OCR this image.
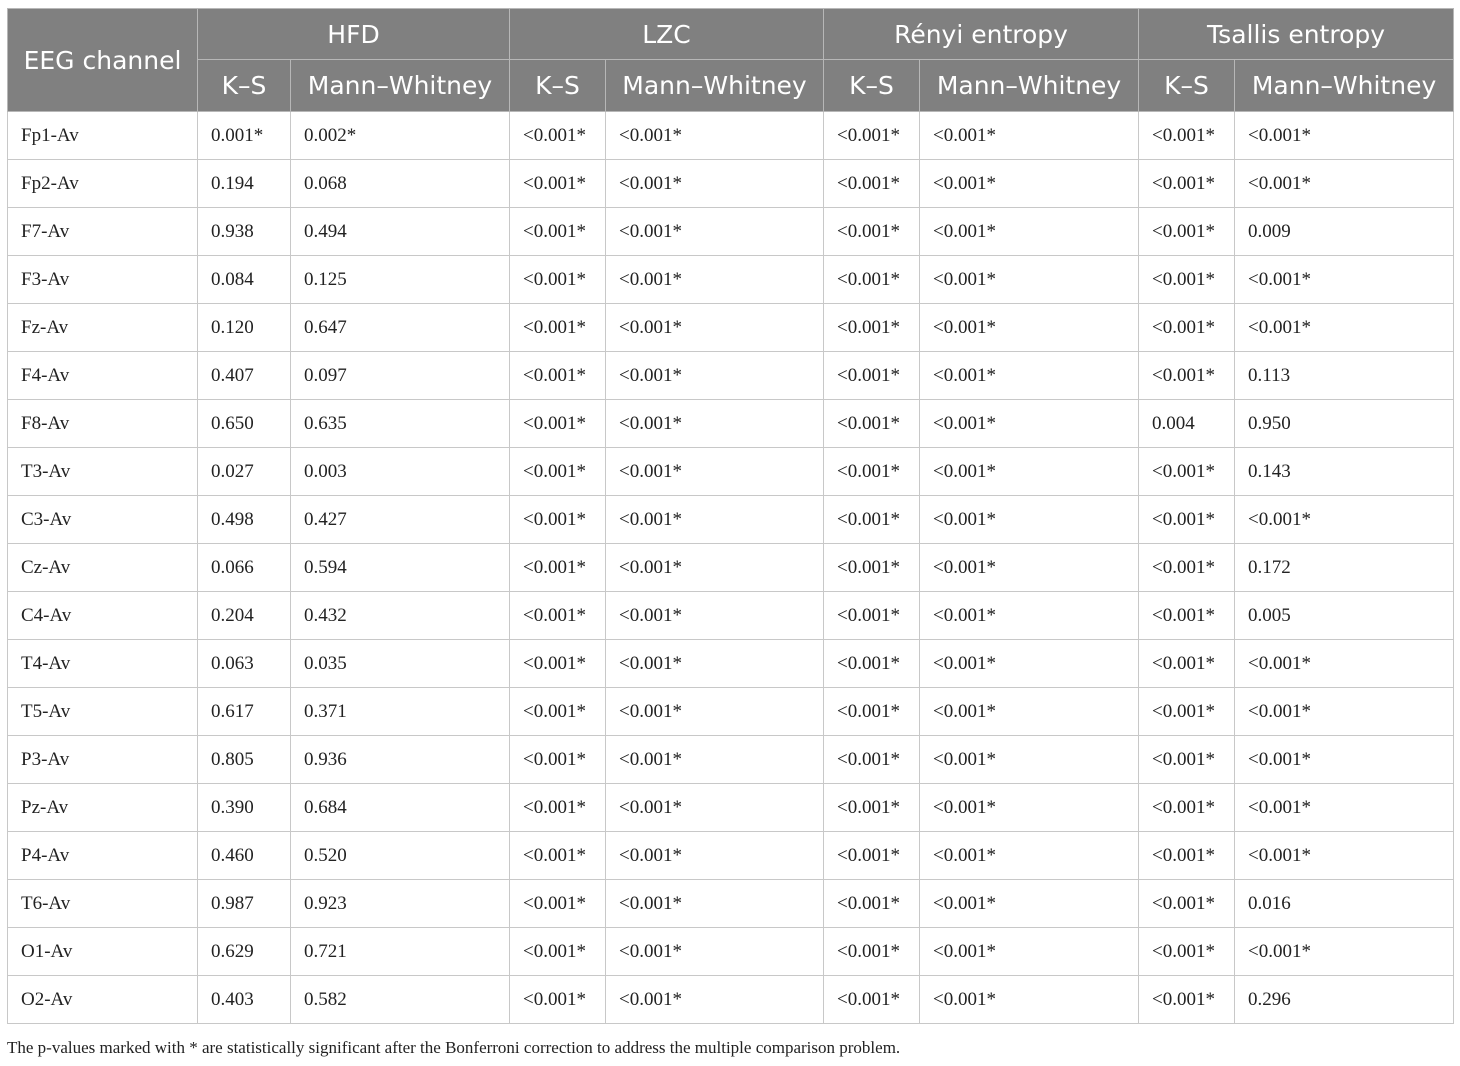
EEG channel	HFD		LZC		Rényi entropy		Tsallis entropy	
	K–S	Mann–Whitney	K–S	Mann–Whitney	K–S	Mann–Whitney	K–S	Mann–Whitney
Fp1-Av	0.001*	0.002*	<0.001*	<0.001*	<0.001*	<0.001*	<0.001*	<0.001*
Fp2-Av	0.194	0.068	<0.001*	<0.001*	<0.001*	<0.001*	<0.001*	<0.001*
F7-Av	0.938	0.494	<0.001*	<0.001*	<0.001*	<0.001*	<0.001*	0.009
F3-Av	0.084	0.125	<0.001*	<0.001*	<0.001*	<0.001*	<0.001*	<0.001*
Fz-Av	0.120	0.647	<0.001*	<0.001*	<0.001*	<0.001*	<0.001*	<0.001*
F4-Av	0.407	0.097	<0.001*	<0.001*	<0.001*	<0.001*	<0.001*	0.113
F8-Av	0.650	0.635	<0.001*	<0.001*	<0.001*	<0.001*	0.004	0.950
T3-Av	0.027	0.003	<0.001*	<0.001*	<0.001*	<0.001*	<0.001*	0.143
C3-Av	0.498	0.427	<0.001*	<0.001*	<0.001*	<0.001*	<0.001*	<0.001*
Cz-Av	0.066	0.594	<0.001*	<0.001*	<0.001*	<0.001*	<0.001*	0.172
C4-Av	0.204	0.432	<0.001*	<0.001*	<0.001*	<0.001*	<0.001*	0.005
T4-Av	0.063	0.035	<0.001*	<0.001*	<0.001*	<0.001*	<0.001*	<0.001*
T5-Av	0.617	0.371	<0.001*	<0.001*	<0.001*	<0.001*	<0.001*	<0.001*
P3-Av	0.805	0.936	<0.001*	<0.001*	<0.001*	<0.001*	<0.001*	<0.001*
Pz-Av	0.390	0.684	<0.001*	<0.001*	<0.001*	<0.001*	<0.001*	<0.001*
P4-Av	0.460	0.520	<0.001*	<0.001*	<0.001*	<0.001*	<0.001*	<0.001*
T6-Av	0.987	0.923	<0.001*	<0.001*	<0.001*	<0.001*	<0.001*	0.016
O1-Av	0.629	0.721	<0.001*	<0.001*	<0.001*	<0.001*	<0.001*	<0.001*
O2-Av	0.403	0.582	<0.001*	<0.001*	<0.001*	<0.001*	<0.001*	0.296
The p-values marked with * are statistically significant after the Bonferroni correction to address the multiple comparison problem.
